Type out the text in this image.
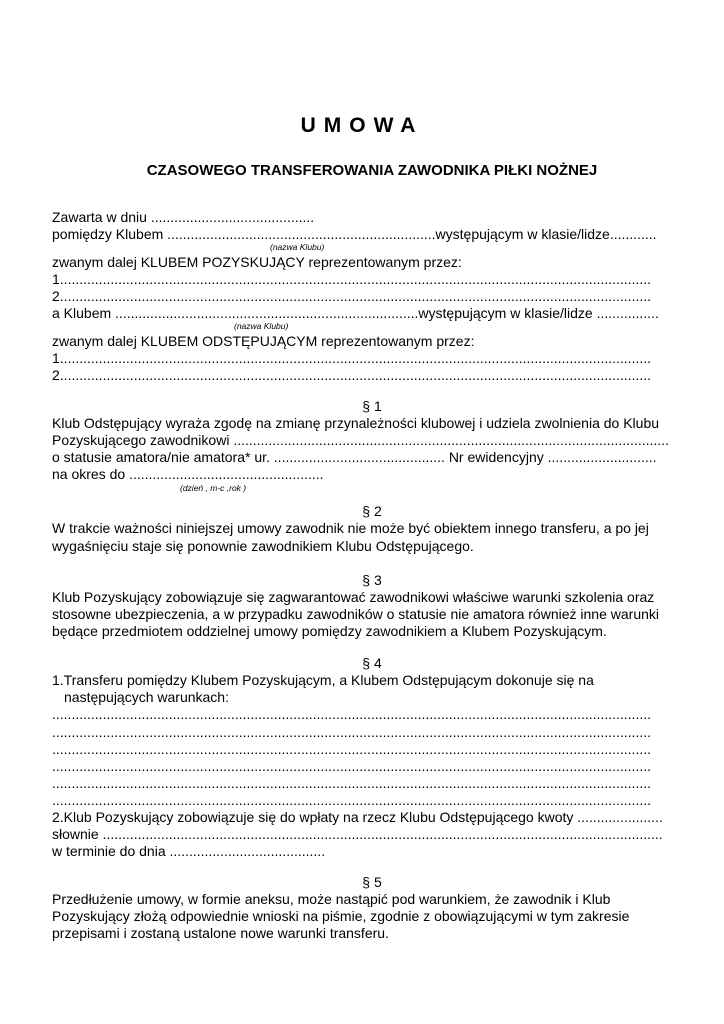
UMOWA
CZASOWEGO TRANSFEROWANIA ZAWODNIKA PIŁKI NOŻNEJ
Zawarta w dniu ..........................................
pomiędzy Klubem .....................................................................występującym w klasie/lidze............
(nazwa Klubu)
zwanym dalej KLUBEM POZYSKUJĄCY reprezentowanym przez:
1........................................................................................................................................................
2........................................................................................................................................................
a Klubem ..............................................................................występującym w klasie/lidze ................
(nazwa Klubu)
zwanym dalej KLUBEM ODSTĘPUJĄCYM reprezentowanym przez:
1........................................................................................................................................................
2........................................................................................................................................................
§ 1
Klub Odstępujący wyraża zgodę na zmianę przynależności klubowej i udziela zwolnienia do Klubu
Pozyskującego zawodnikowi ................................................................................................................
o statusie amatora/nie amatora* ur. ............................................ Nr ewidencyjny ............................
na okres do ..................................................
(dzień , m-c ,rok )
§ 2
W trakcie ważności niniejszej umowy zawodnik nie może być obiektem innego transferu, a po jej
wygaśnięciu staje się ponownie zawodnikiem Klubu Odstępującego.
§ 3
Klub Pozyskujący zobowiązuje się zagwarantować zawodnikowi właściwe warunki szkolenia oraz
stosowne ubezpieczenia, a w przypadku zawodników o statusie nie amatora również inne warunki
będące przedmiotem oddzielnej umowy pomiędzy zawodnikiem a Klubem Pozyskującym.
§ 4
1.Transferu pomiędzy Klubem Pozyskującym, a Klubem Odstępującym dokonuje się na
następujących warunkach:
..........................................................................................................................................................
..........................................................................................................................................................
..........................................................................................................................................................
..........................................................................................................................................................
..........................................................................................................................................................
..........................................................................................................................................................
2.Klub Pozyskujący zobowiązuje się do wpłaty na rzecz Klubu Odstępującego kwoty ......................
słownie ................................................................................................................................................
w terminie do dnia ........................................
§ 5
Przedłużenie umowy, w formie aneksu, może nastąpić pod warunkiem, że zawodnik i Klub
Pozyskujący złożą odpowiednie wnioski na piśmie, zgodnie z obowiązującymi w tym zakresie
przepisami i zostaną ustalone nowe warunki transferu.
